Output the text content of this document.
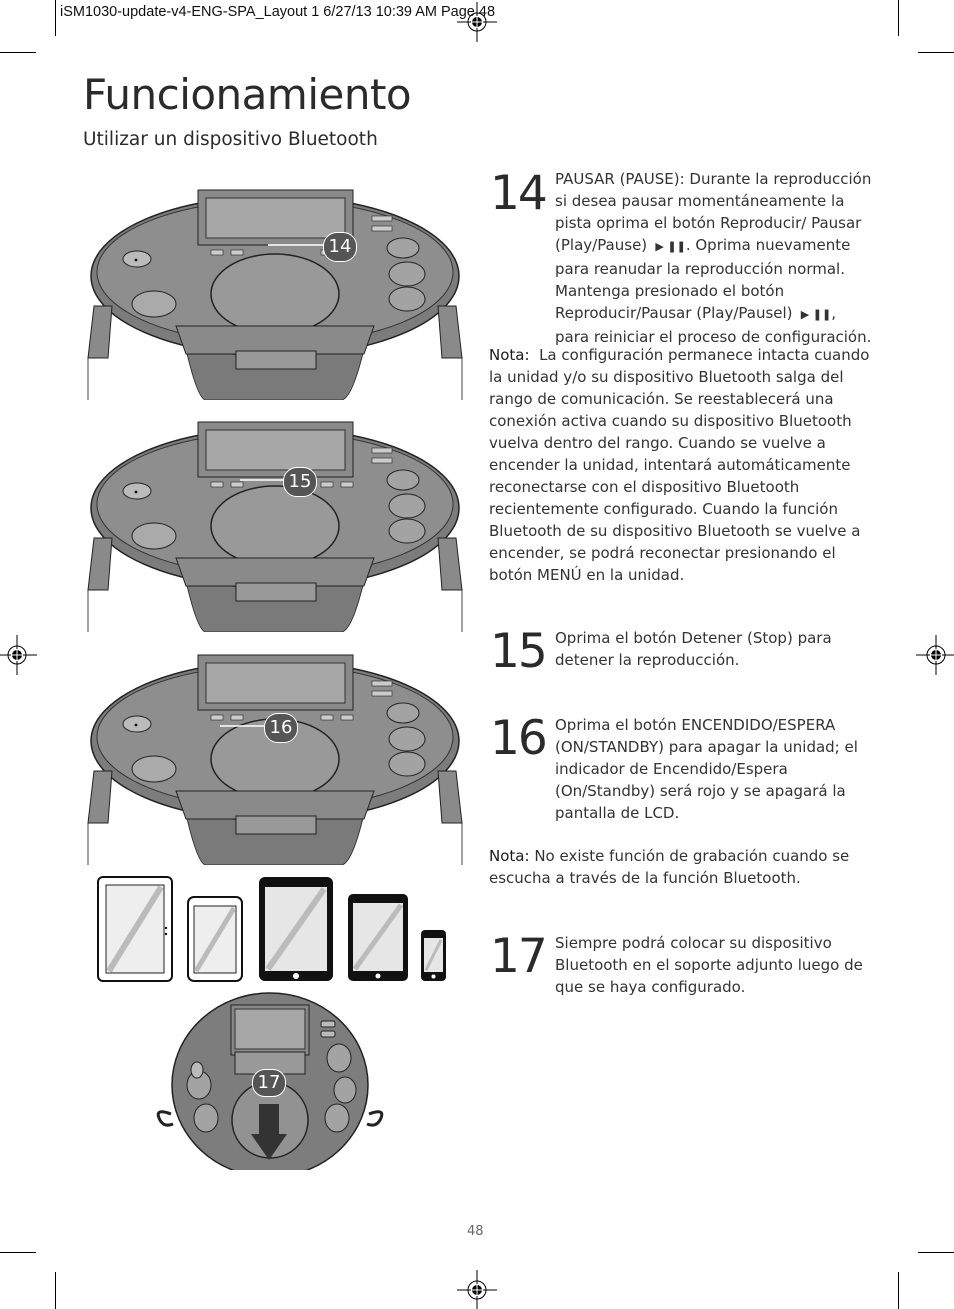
iSM1030-update-v4-ENG-SPA_Layout 1 6/27/13 10:39 AM Page 48
Funcionamiento
Utilizar un dispositivo Bluetooth
14
15
16
17
14 PAUSAR (PAUSE): Durante la reproducción
si desea pausar momentáneamente la
pista oprima el botón Reproducir/ Pausar
(Play/Pause)  ▶ ❚❚. Oprima nuevamente
para reanudar la reproducción normal.
Mantenga presionado el botón
Reproducir/Pausar (Play/Pausel)  ▶ ❚❚,
para reiniciar el proceso de configuración.
Nota: La configuración permanece intacta cuando
la unidad y/o su dispositivo Bluetooth salga del
rango de comunicación. Se reestablecerá una
conexión activa cuando su dispositivo Bluetooth
vuelva dentro del rango. Cuando se vuelve a
encender la unidad, intentará automáticamente
reconectarse con el dispositivo Bluetooth
recientemente configurado. Cuando la función
Bluetooth de su dispositivo Bluetooth se vuelve a
encender, se podrá reconectar presionando el
botón MENÚ en la unidad.
15 Oprima el botón Detener (Stop) para
detener la reproducción.
16 Oprima el botón ENCENDIDO/ESPERA
(ON/STANDBY) para apagar la unidad; el
indicador de Encendido/Espera
(On/Standby) será rojo y se apagará la
pantalla de LCD.
Nota: No existe función de grabación cuando se
escucha a través de la función Bluetooth.
17 Siempre podrá colocar su dispositivo
Bluetooth en el soporte adjunto luego de
que se haya configurado.
48
